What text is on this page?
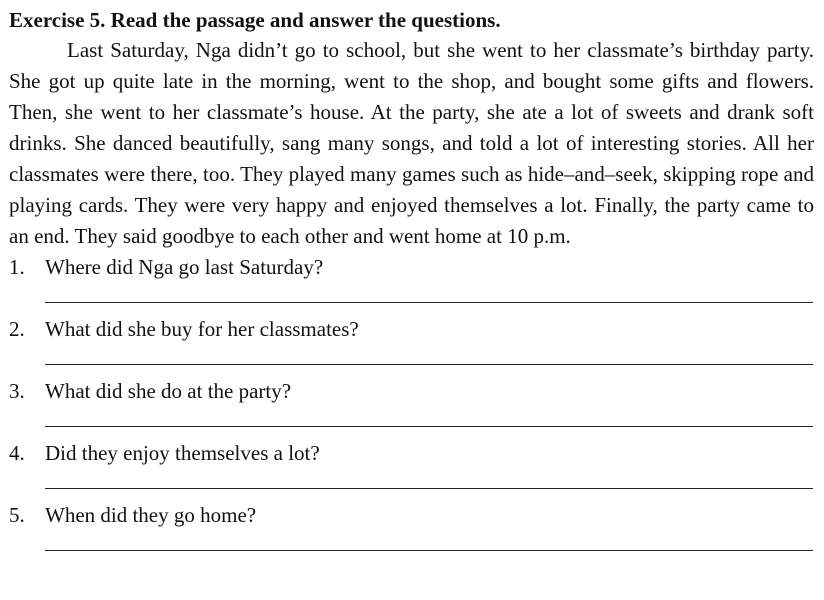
Exercise 5. Read the passage and answer the questions.

Last Saturday, Nga didn’t go to school, but she went to her classmate’s birthday party. She got up quite late in the morning, went to the shop, and bought some gifts and flowers. Then, she went to her classmate’s house. At the party, she ate a lot of sweets and drank soft drinks. She danced beautifully, sang many songs, and told a lot of interesting stories. All her classmates were there, too. They played many games such as hide–and–seek, skipping rope and playing cards. They were very happy and enjoyed themselves a lot. Finally, the party came to an end. They said goodbye to each other and went home at 10 p.m.

1. Where did Nga go last Saturday?
2. What did she buy for her classmates?
3. What did she do at the party?
4. Did they enjoy themselves a lot?
5. When did they go home?
